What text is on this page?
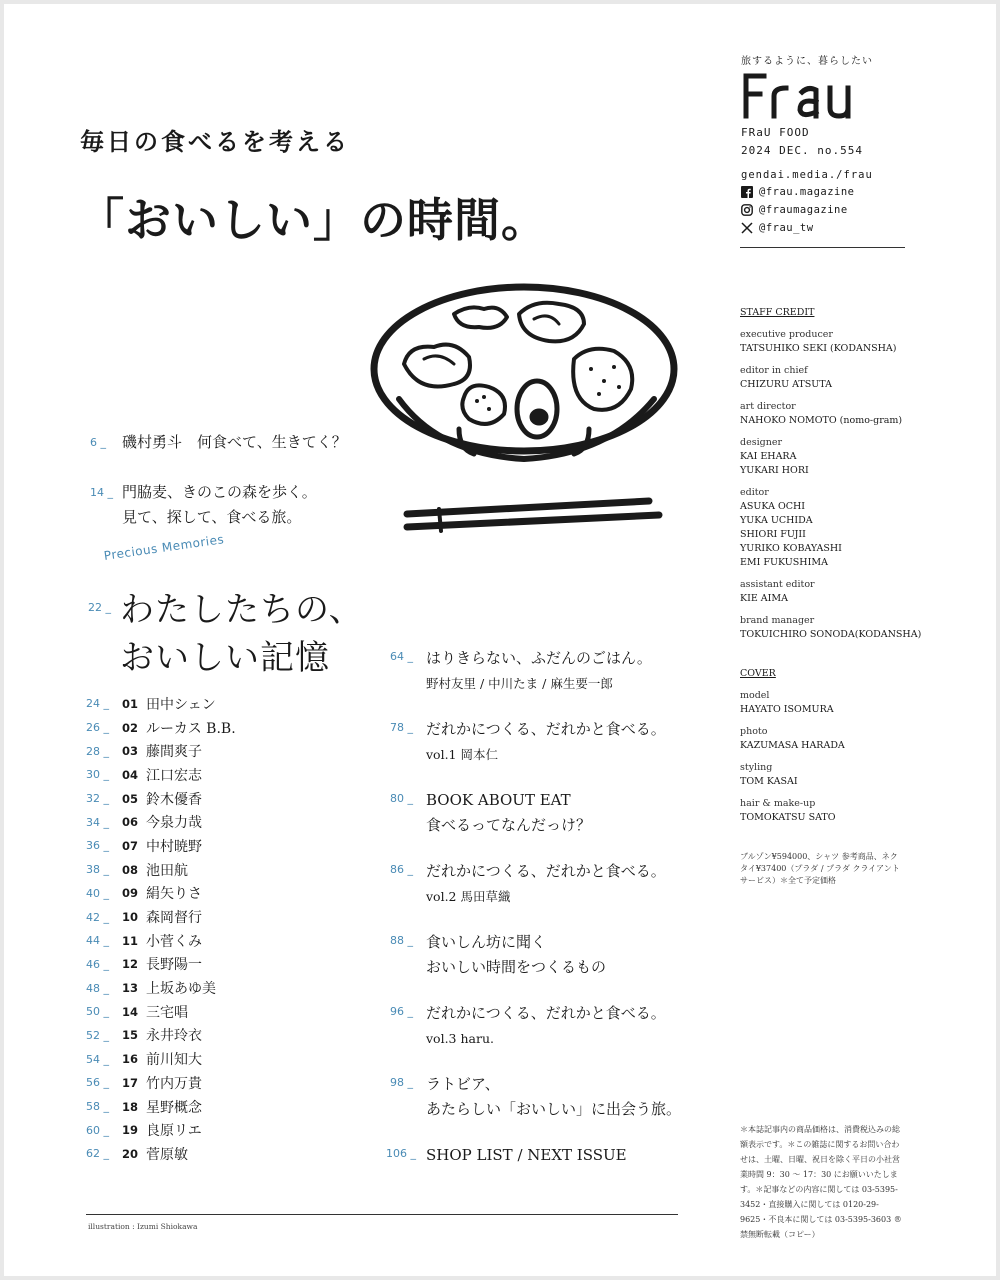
毎日の食べるを考える
「おいしい」の時間。
旅するように、暮らしたい
FRaU FOOD
2024 DEC. no.554
gendai.media./frau
@frau.magazine
@fraumagazine
@frau_tw
6 _	磯村勇斗　何食べて、生きてく？
14 _ 門脇麦、きのこの森を歩く。
見て、探して、食べる旅。
Precious Memories
22 _ わたしたちの、
おいしい記憶
24 _	01 田中シェン
26 _	02 ルーカス B.B.
28 _	03 藤間爽子
30 _	04 江口宏志
32 _	05 鈴木優香
34 _	06 今泉力哉
36 _	07 中村暁野
38 _	08 池田航
40 _	09 絹矢りさ
42 _	10 森岡督行
44 _	11 小菅くみ
46 _	12 長野陽一
48 _	13 上坂あゆ美
50 _	14 三宅唱
52 _	15 永井玲衣
54 _	16 前川知大
56 _	17 竹内万貴
58 _	18 星野概念
60 _	19 良原リエ
62 _	20 菅原敏
64 _ はりきらない、ふだんのごはん。
野村友里 / 中川たま / 麻生要一郎
78 _ だれかにつくる、だれかと食べる。
vol.1 岡本仁
80 _ BOOK ABOUT EAT
食べるってなんだっけ？
86 _ だれかにつくる、だれかと食べる。
vol.2 馬田草織
88 _ 食いしん坊に聞く
おいしい時間をつくるもの
96 _ だれかにつくる、だれかと食べる。
vol.3 haru.
98 _ ラトビア、
あたらしい「おいしい」に出会う旅。
106 _ SHOP LIST / NEXT ISSUE
STAFF CREDIT
executive producer
TATSUHIKO SEKI (KODANSHA)
editor in chief
CHIZURU ATSUTA
art director
NAHOKO NOMOTO (nomo-gram)
designer
KAI EHARA
YUKARI HORI
editor
ASUKA OCHI
YUKA UCHIDA
SHIORI FUJII
YURIKO KOBAYASHI
EMI FUKUSHIMA
assistant editor
KIE AIMA
brand manager
TOKUICHIRO SONODA(KODANSHA)
COVER
model
HAYATO ISOMURA
photo
KAZUMASA HARADA
styling
TOM KASAI
hair & make-up
TOMOKATSU SATO
ブルゾン¥594000、シャツ 参考商品、ネクタイ¥37400（プラダ / プラダ クライアントサービス）＊全て予定価格
＊本誌記事内の商品価格は、消費税込みの総額表示です。＊この雑誌に関するお問い合わせは、土曜、日曜、祝日を除く平日の小社営業時間 9：30 〜 17：30 にお願いいたします。＊記事などの内容に関しては 03-5395-3452・直接購入に関しては 0120-29-9625・不良本に関しては 03-5395-3603 ®禁無断転載（コピー）
illustration : Izumi Shiokawa
